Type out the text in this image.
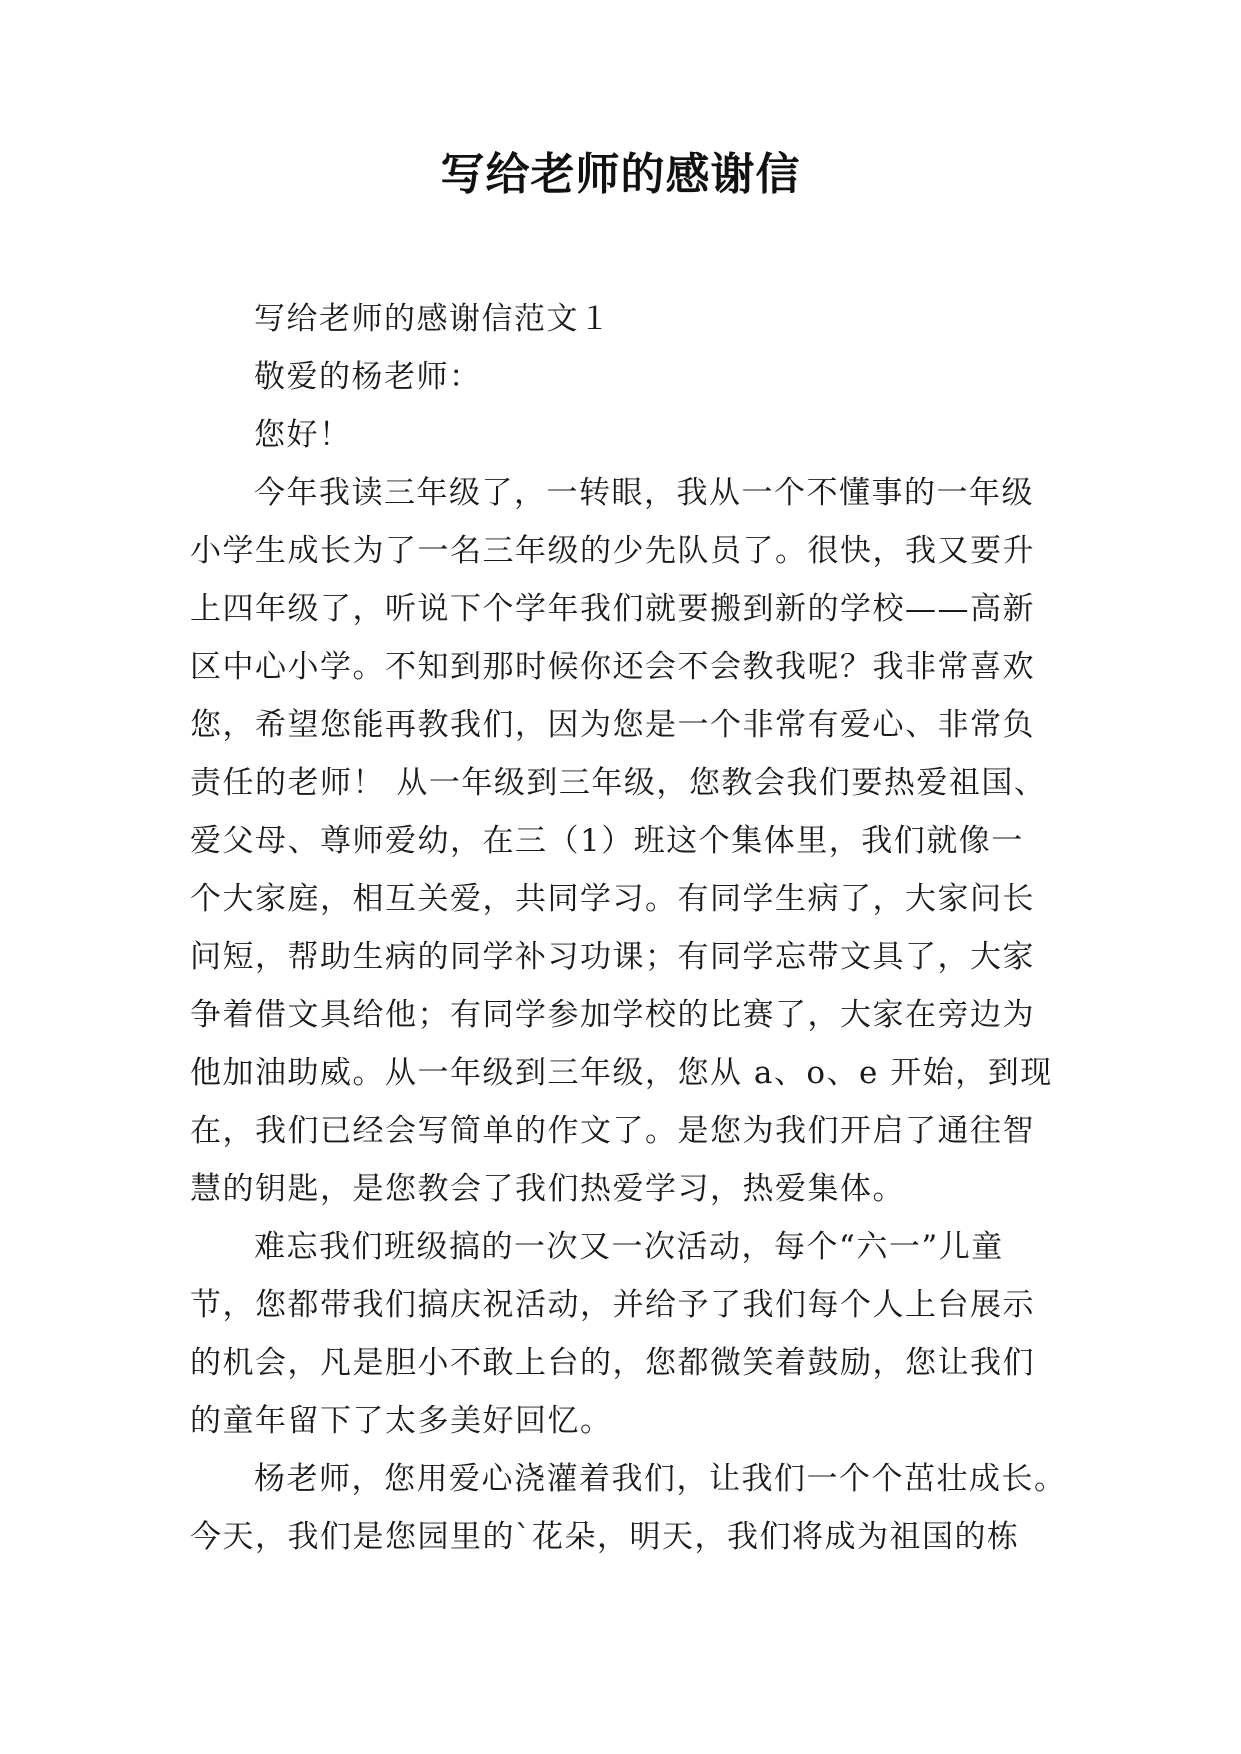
写给老师的感谢信
写给老师的感谢信范文１
敬爱的杨老师：
您好！
今年我读三年级了，一转眼，我从一个不懂事的一年级
小学生成长为了一名三年级的少先队员了。很快，我又要升
上四年级了，听说下个学年我们就要搬到新的学校——高新
区中心小学。不知到那时候你还会不会教我呢？我非常喜欢
您，希望您能再教我们，因为您是一个非常有爱心、非常负
责任的老师！ 从一年级到三年级，您教会我们要热爱祖国、
爱父母、尊师爱幼，在三（1）班这个集体里，我们就像一
个大家庭，相互关爱，共同学习。有同学生病了，大家问长
问短，帮助生病的同学补习功课；有同学忘带文具了，大家
争着借文具给他；有同学参加学校的比赛了，大家在旁边为
他加油助威。从一年级到三年级，您从 a、o、e 开始，到现
在，我们已经会写简单的作文了。是您为我们开启了通往智
慧的钥匙，是您教会了我们热爱学习，热爱集体。
难忘我们班级搞的一次又一次活动，每个“六一”儿童
节，您都带我们搞庆祝活动，并给予了我们每个人上台展示
的机会，凡是胆小不敢上台的，您都微笑着鼓励，您让我们
的童年留下了太多美好回忆。
杨老师，您用爱心浇灌着我们，让我们一个个茁壮成长。
今天，我们是您园里的`花朵，明天，我们将成为祖国的栋
